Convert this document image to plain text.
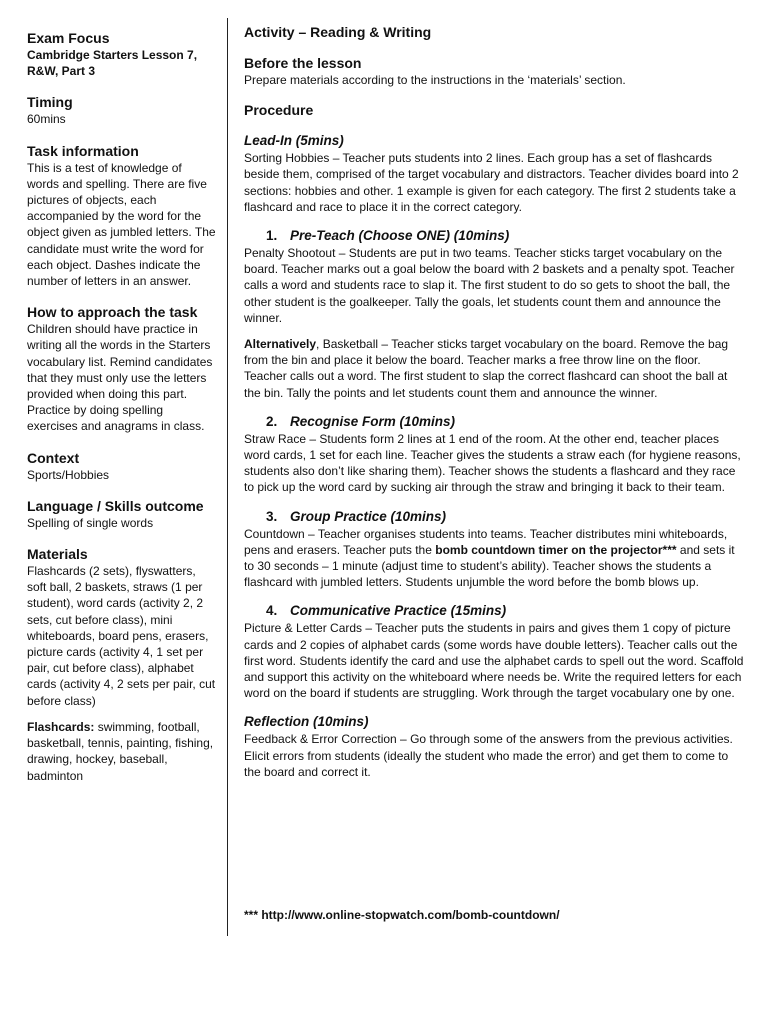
Exam Focus

Cambridge Starters Lesson 7, R&W, Part 3

Timing

60mins

Task information

This is a test of knowledge of words and spelling. There are five pictures of objects, each accompanied by the word for the object given as jumbled letters. The candidate must write the word for each object. Dashes indicate the number of letters in an answer.

How to approach the task

Children should have practice in writing all the words in the Starters vocabulary list. Remind candidates that they must only use the letters provided when doing this part. Practice by doing spelling exercises and anagrams in class.

Context

Sports/Hobbies

Language / Skills outcome

Spelling of single words

Materials

Flashcards (2 sets), flyswatters, soft ball, 2 baskets, straws (1 per student), word cards (activity 2, 2 sets, cut before class), mini whiteboards, board pens, erasers, picture cards (activity 4, 1 set per pair, cut before class), alphabet cards (activity 4, 2 sets per pair, cut before class)

Flashcards: swimming, football, basketball, tennis, painting, fishing, drawing, hockey, baseball, badminton

Activity – Reading & Writing

Before the lesson

Prepare materials according to the instructions in the ‘materials’ section.

Procedure

Lead-In (5mins)

Sorting Hobbies – Teacher puts students into 2 lines. Each group has a set of flashcards beside them, comprised of the target vocabulary and distractors. Teacher divides board into 2 sections: hobbies and other. 1 example is given for each category. The first 2 students take a flashcard and race to place it in the correct category.

1. Pre-Teach (Choose ONE) (10mins)

Penalty Shootout – Students are put in two teams. Teacher sticks target vocabulary on the board. Teacher marks out a goal below the board with 2 baskets and a penalty spot. Teacher calls a word and students race to slap it. The first student to do so gets to shoot the ball, the other student is the goalkeeper. Tally the goals, let students count them and announce the winner.

Alternatively, Basketball – Teacher sticks target vocabulary on the board. Remove the bag from the bin and place it below the board. Teacher marks a free throw line on the floor. Teacher calls out a word. The first student to slap the correct flashcard can shoot the ball at the bin. Tally the points and let students count them and announce the winner.

2. Recognise Form (10mins)

Straw Race – Students form 2 lines at 1 end of the room. At the other end, teacher places word cards, 1 set for each line. Teacher gives the students a straw each (for hygiene reasons, students also don’t like sharing them). Teacher shows the students a flashcard and they race to pick up the word card by sucking air through the straw and bringing it back to their team.

3. Group Practice (10mins)

Countdown – Teacher organises students into teams. Teacher distributes mini whiteboards, pens and erasers. Teacher puts the bomb countdown timer on the projector*** and sets it to 30 seconds – 1 minute (adjust time to student’s ability). Teacher shows the students a flashcard with jumbled letters. Students unjumble the word before the bomb blows up.

4. Communicative Practice (15mins)

Picture & Letter Cards – Teacher puts the students in pairs and gives them 1 copy of picture cards and 2 copies of alphabet cards (some words have double letters). Teacher calls out the first word. Students identify the card and use the alphabet cards to spell out the word. Scaffold and support this activity on the whiteboard where needs be. Write the required letters for each word on the board if students are struggling. Work through the target vocabulary one by one.

Reflection (10mins)

Feedback & Error Correction – Go through some of the answers from the previous activities. Elicit errors from students (ideally the student who made the error) and get them to come to the board and correct it.

*** http://www.online-stopwatch.com/bomb-countdown/
